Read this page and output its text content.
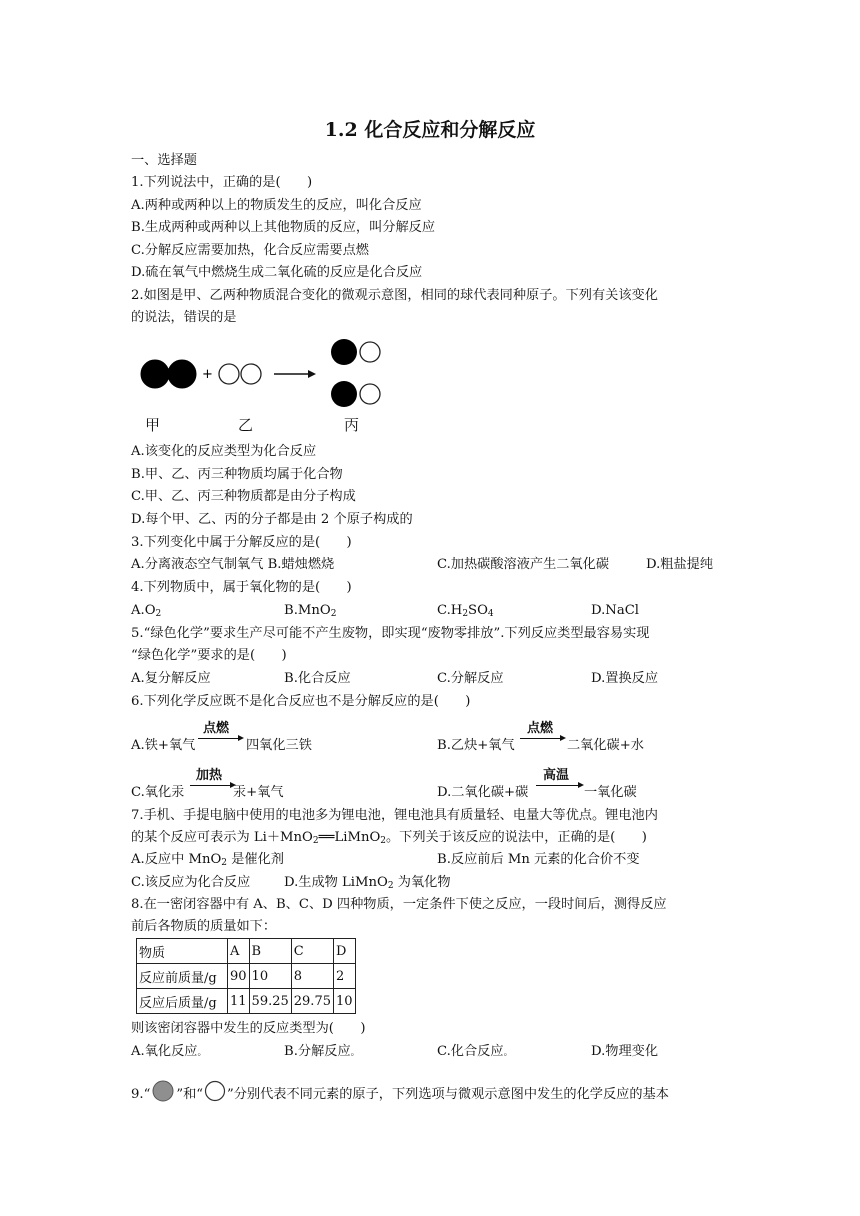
1.2 化合反应和分解反应
一、选择题
1.下列说法中，正确的是(　　)
A.两种或两种以上的物质发生的反应，叫化合反应
B.生成两种或两种以上其他物质的反应，叫分解反应
C.分解反应需要加热，化合反应需要点燃
D.硫在氧气中燃烧生成二氧化硫的反应是化合反应
2.如图是甲、乙两种物质混合变化的微观示意图，相同的球代表同种原子。下列有关该变化
的说法，错误的是
+
甲	乙	丙
A.该变化的反应类型为化合反应
B.甲、乙、丙三种物质均属于化合物
C.甲、乙、丙三种物质都是由分子构成
D.每个甲、乙、丙的分子都是由 2 个原子构成的
3.下列变化中属于分解反应的是(　　)
A.分离液态空气制氧气 B.蜡烛燃烧	C.加热碳酸溶液产生二氧化碳	D.粗盐提纯
4.下列物质中，属于氧化物的是(　　)
$A.O_2$	B.MnO$_2$	$C.H_2SO_4$	D.NaCl
5.“绿色化学”要求生产尽可能不产生废物，即实现“废物零排放”.下列反应类型最容易实现
“绿色化学”要求的是(　　)
A.复分解反应	B.化合反应	C.分解反应	D.置换反应
6.下列化学反应既不是化合反应也不是分解反应的是(　　)
A.铁+氧气
点燃
四氧化三铁	B.乙炔+氧气
点燃
二氧化碳+水
C.氧化汞
加热
汞+氧气	D.二氧化碳+碳
高温
一氧化碳
7.手机、手提电脑中使用的电池多为锂电池，锂电池具有质量轻、电量大等优点。锂电池内
的某个反应可表示为 Li＋MnO$_2$══LiMnO$_2$。下列关于该反应的说法中，正确的是(　　)
A.反应中 MnO$_2$ 是催化剂	B.反应前后 Mn 元素的化合价不变
C.该反应为化合反应	D.生成物 LiMnO$_2$ 为氧化物
8.在一密闭容器中有 A、B、C、D 四种物质，一定条件下使之反应，一段时间后，测得反应
前后各物质的质量如下：
物质	A	B	C	D
反应前质量/g	90	10	8	2
反应后质量/g	11	59.25	29.75	10
则该密闭容器中发生的反应类型为(　　)
A.氧化反应。	B.分解反应。	C.化合反应。	D.物理变化
9.“ ”和“ ”分别代表不同元素的原子，下列选项与微观示意图中发生的化学反应的基本
